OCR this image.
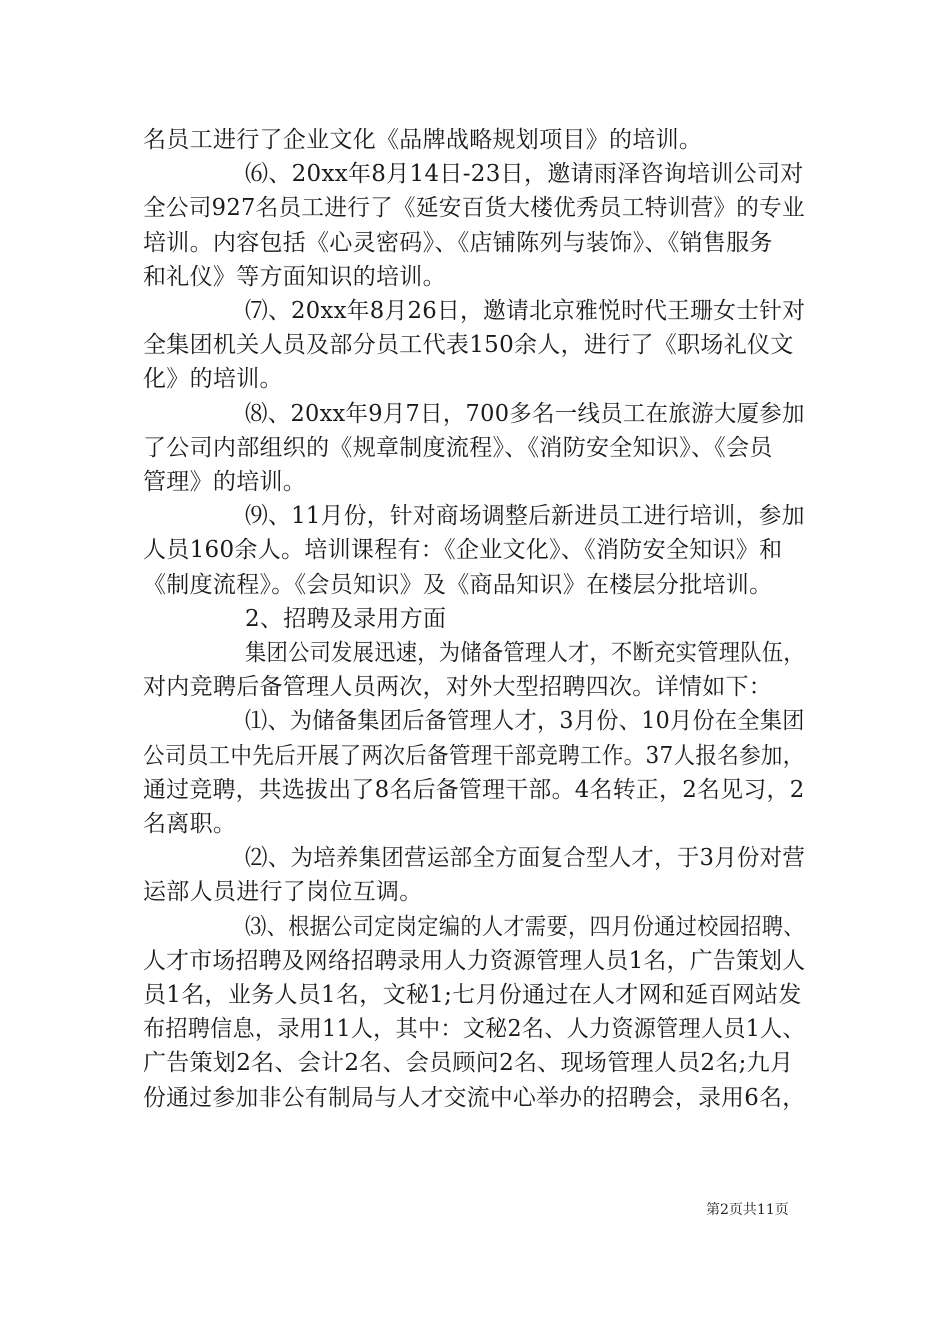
名员工进行了企业文化《品牌战略规划项目》的培训。
⑹、20xx年8月14日-23日，邀请雨泽咨询培训公司对
全公司927名员工进行了《延安百货大楼优秀员工特训营》的专业
培训。内容包括《心灵密码》、《店铺陈列与装饰》、《销售服务
和礼仪》等方面知识的培训。
⑺、20xx年8月26日，邀请北京雅悦时代王珊女士针对
全集团机关人员及部分员工代表150余人，进行了《职场礼仪文
化》的培训。
⑻、20xx年9月7日，700多名一线员工在旅游大厦参加
了公司内部组织的《规章制度流程》、《消防安全知识》、《会员
管理》的培训。
⑼、11月份，针对商场调整后新进员工进行培训，参加
人员160余人。培训课程有：《企业文化》、《消防安全知识》和
《制度流程》。《会员知识》及《商品知识》在楼层分批培训。
2、招聘及录用方面
集团公司发展迅速，为储备管理人才，不断充实管理队伍，
对内竞聘后备管理人员两次，对外大型招聘四次。详情如下：
⑴、为储备集团后备管理人才，3月份、10月份在全集团
公司员工中先后开展了两次后备管理干部竞聘工作。37人报名参加，
通过竞聘，共选拔出了8名后备管理干部。4名转正，2名见习，2
名离职。
⑵、为培养集团营运部全方面复合型人才，于3月份对营
运部人员进行了岗位互调。
⑶、根据公司定岗定编的人才需要，四月份通过校园招聘、
人才市场招聘及网络招聘录用人力资源管理人员1名，广告策划人
员1名，业务人员1名，文秘1;七月份通过在人才网和延百网站发
布招聘信息，录用11人，其中：文秘2名、人力资源管理人员1人、
广告策划2名、会计2名、会员顾问2名、现场管理人员2名;九月
份通过参加非公有制局与人才交流中心举办的招聘会，录用6名，
第2页共11页
